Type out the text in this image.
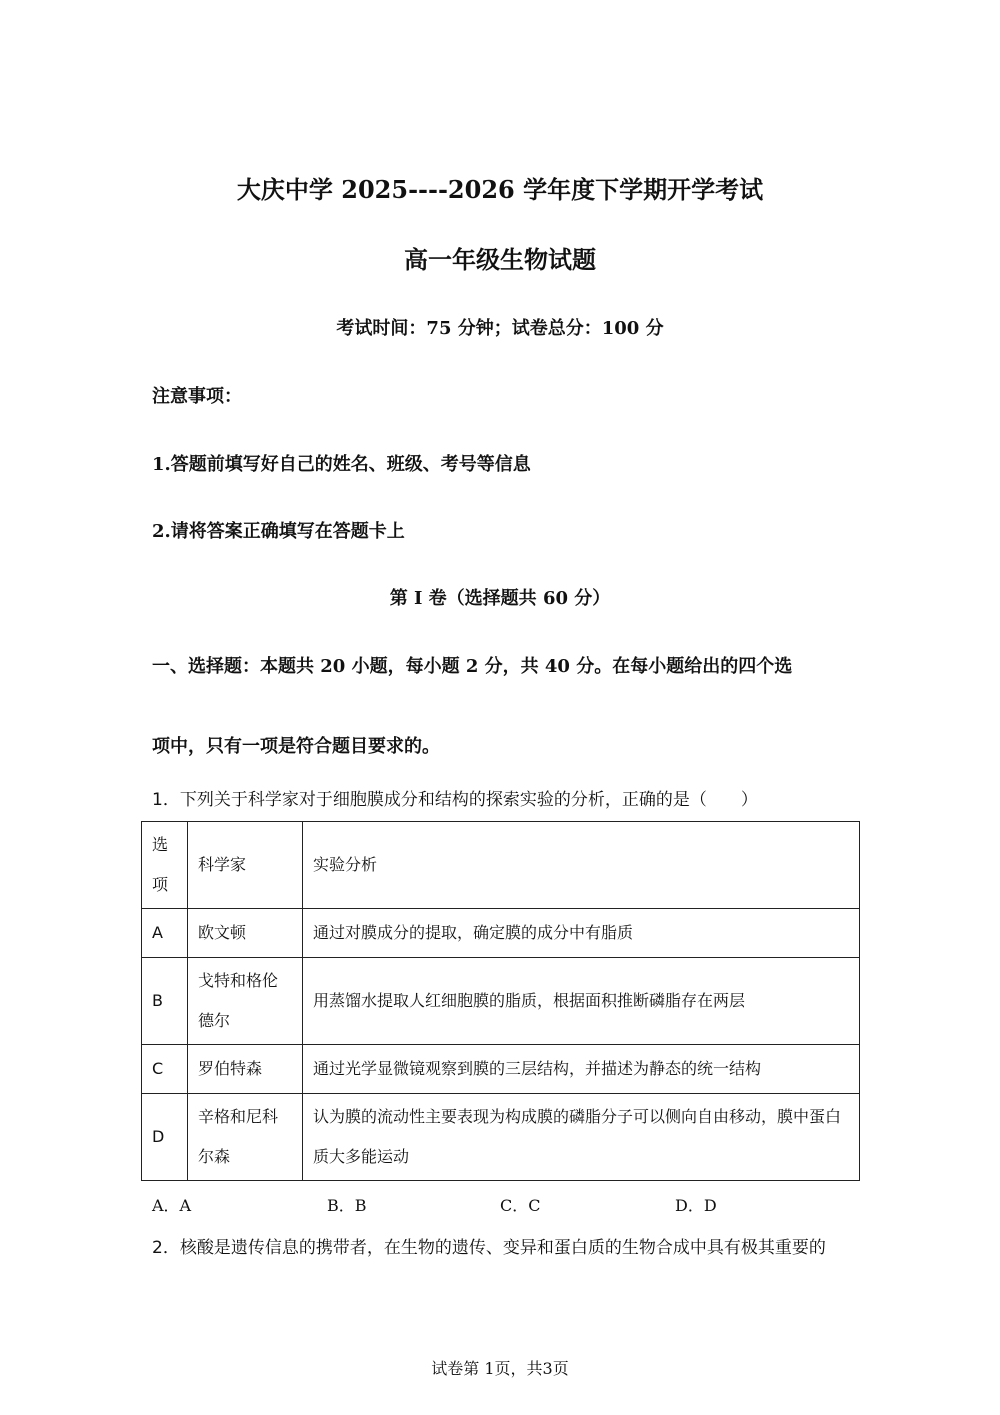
大庆中学 2025----2026 学年度下学期开学考试
高一年级生物试题
考试时间：75 分钟；试卷总分：100 分
注意事项：
1.答题前填写好自己的姓名、班级、考号等信息
2.请将答案正确填写在答题卡上
第 I 卷（选择题共 60 分）
一、选择题：本题共 20 小题，每小题 2 分，共 40 分。在每小题给出的四个选
项中，只有一项是符合题目要求的。
1．下列关于科学家对于细胞膜成分和结构的探索实验的分析，正确的是（　　）
选项	科学家	实验分析
A	欧文顿	通过对膜成分的提取，确定膜的成分中有脂质
B	戈特和格伦德尔	用蒸馏水提取人红细胞膜的脂质，根据面积推断磷脂存在两层
C	罗伯特森	通过光学显微镜观察到膜的三层结构，并描述为静态的统一结构
D	辛格和尼科尔森	认为膜的流动性主要表现为构成膜的磷脂分子可以侧向自由移动，膜中蛋白质大多能运动
A．A	B．B	C．C	D．D
2．核酸是遗传信息的携带者，在生物的遗传、变异和蛋白质的生物合成中具有极其重要的
试卷第 1页，共3页
